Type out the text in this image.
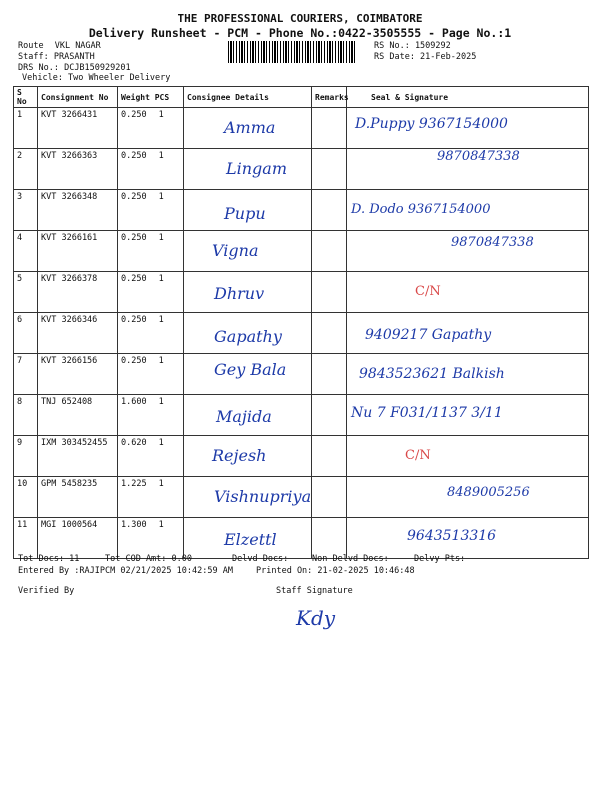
THE PROFESSIONAL COURIERS, COIMBATORE
Delivery Runsheet - PCM - Phone No.:0422-3505555 - Page No.:1
Route VKL NAGAR
Staff: PRASANTH
DRS No.: DCJB150929201
Vehicle: Two Wheeler Delivery
RS No.: 1509292
RS Date: 21-Feb-2025
S No	Consignment No	Weight PCS	Consignee Details	Remarks	Seal & Signature
1	KVT 3266431	0.250 1	Amma		D.Puppy 9367154000

2	KVT 3266363	0.250 1	Lingam		9870847338

3	KVT 3266348	0.250 1	Pupu		D. Dodo 9367154000

4	KVT 3266161	0.250 1	Vigna		9870847338

5	KVT 3266378	0.250 1	Dhruv		C/N

6	KVT 3266346	0.250 1	Gapathy		9409217 Gapathy

7	KVT 3266156	0.250 1	Gey Bala		9843523621 Balkish

8	TNJ 652408	1.600 1	Majida		Nu 7 F031/1137 3/11

9	IXM 303452455	0.620 1	Rejesh		C/N

10	GPM 5458235	1.225 1	Vishnupriya		8489005256

11	MGI 1000564	1.300 1	Elzettl		9643513316
Tot Docs: 11	Tot COD Amt: 0.00	Delvd Docs:	Non Delvd Docs:	Delvy Pts:
Entered By :RAJIPCM 02/21/2025 10:42:59 AM	Printed On: 21-02-2025 10:46:48
Verified By	Staff Signature
Kdy
